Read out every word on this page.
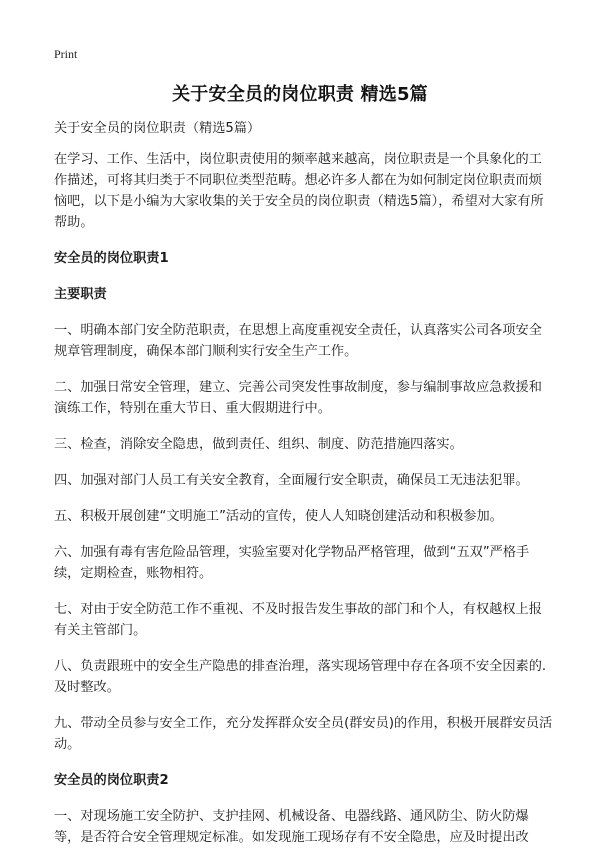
Print
关于安全员的岗位职责 精选5篇

关于安全员的岗位职责（精选5篇）

在学习、工作、生活中，岗位职责使用的频率越来越高，岗位职责是一个具象化的工作描述，可将其归类于不同职位类型范畴。想必许多人都在为如何制定岗位职责而烦恼吧，以下是小编为大家收集的关于安全员的岗位职责（精选5篇），希望对大家有所帮助。

安全员的岗位职责1

主要职责

一、明确本部门安全防范职责，在思想上高度重视安全责任，认真落实公司各项安全规章管理制度，确保本部门顺利实行安全生产工作。

二、加强日常安全管理，建立、完善公司突发性事故制度，参与编制事故应急救援和演练工作，特别在重大节日、重大假期进行中。

三、检查，消除安全隐患，做到责任、组织、制度、防范措施四落实。

四、加强对部门人员工有关安全教育，全面履行安全职责，确保员工无违法犯罪。

五、积极开展创建“文明施工”活动的宣传，使人人知晓创建活动和积极参加。

六、加强有毒有害危险品管理，实验室要对化学物品严格管理，做到“五双”严格手续，定期检查，账物相符。

七、对由于安全防范工作不重视、不及时报告发生事故的部门和个人，有权越权上报有关主管部门。

八、负责跟班中的安全生产隐患的排查治理，落实现场管理中存在各项不安全因素的.及时整改。

九、带动全员参与安全工作，充分发挥群众安全员(群安员)的作用，积极开展群安员活动。

安全员的岗位职责2

一、对现场施工安全防护、支护挂网、机械设备、电器线路、通风防尘、防火防爆等，是否符合安全管理规定标准。如发现施工现场存有不安全隐患，应及时提出改
